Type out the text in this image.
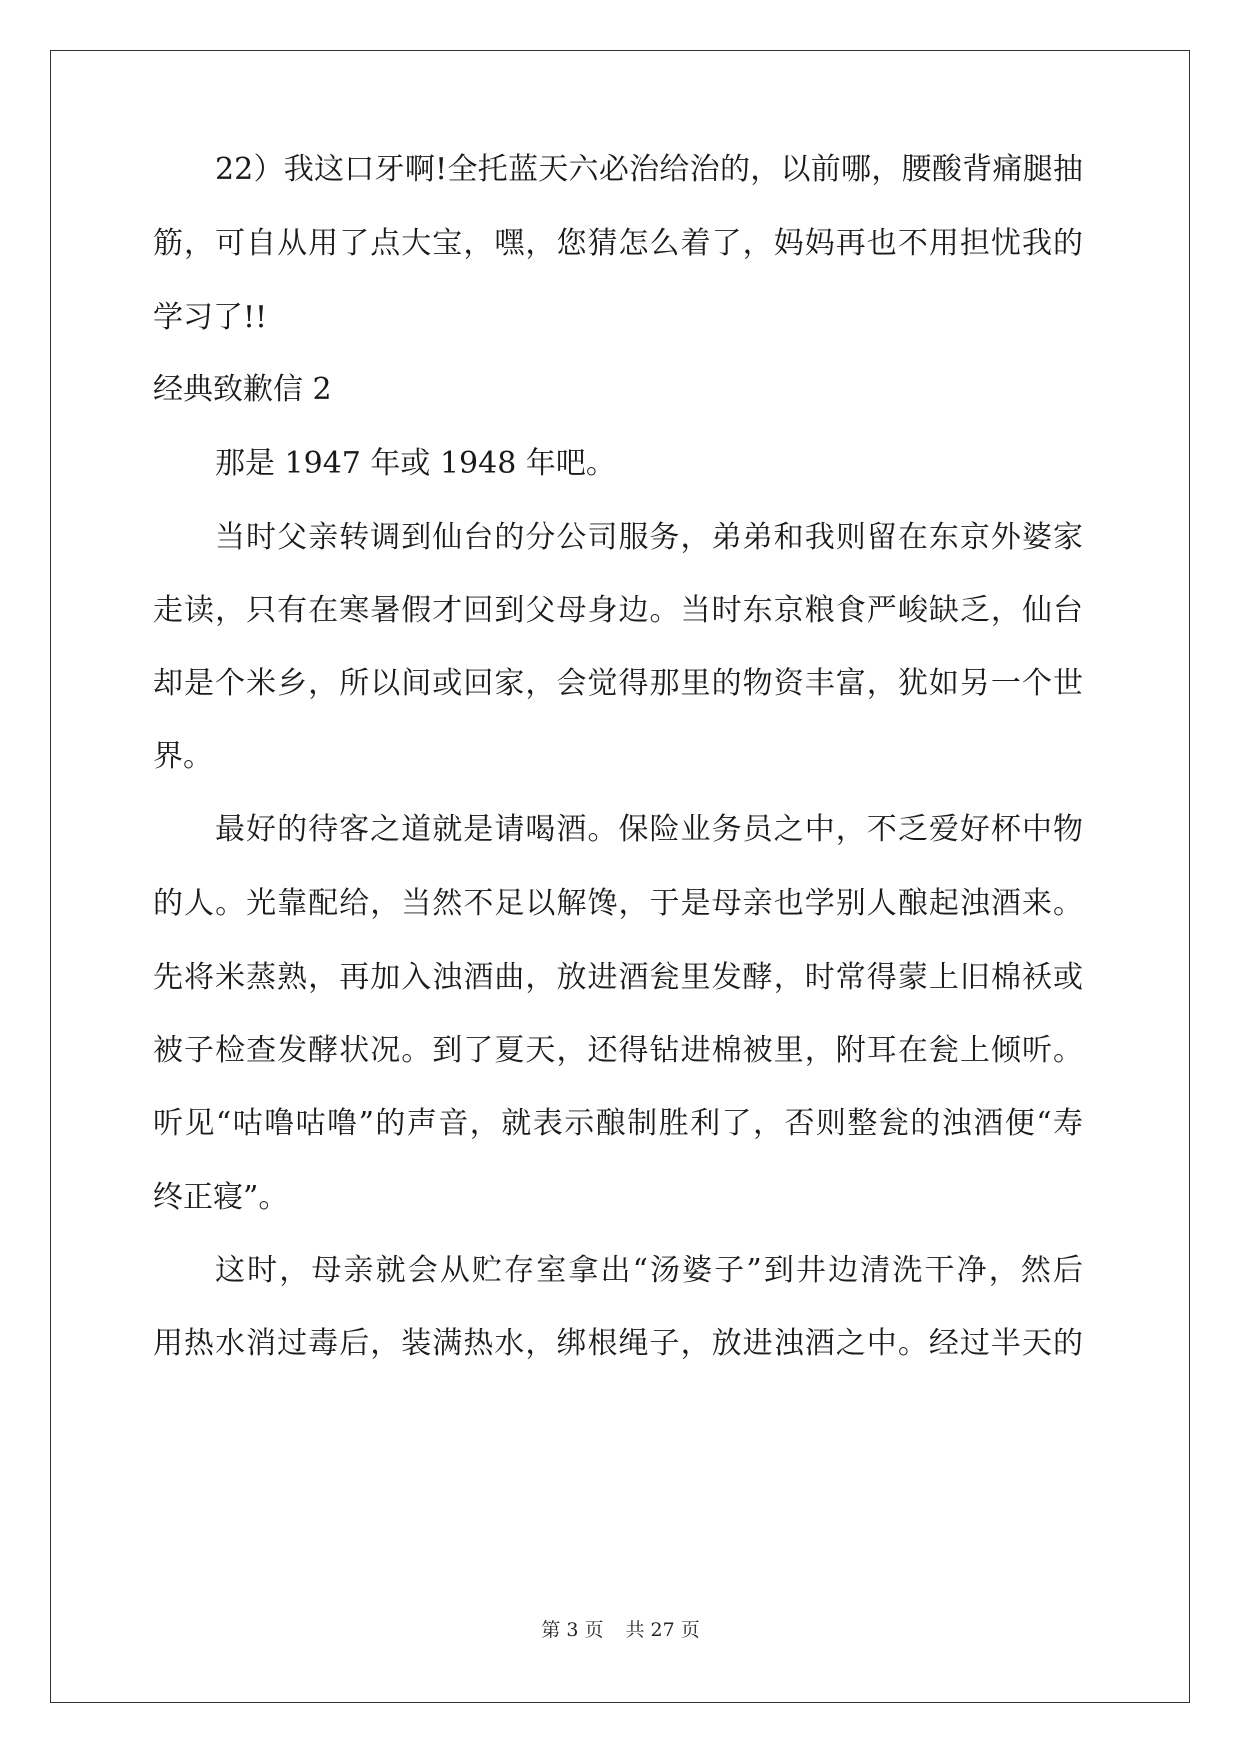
22）我这口牙啊!全托蓝天六必治给治的，以前哪，腰酸背痛腿抽
筋，可自从用了点大宝，嘿，您猜怎么着了，妈妈再也不用担忧我的
学习了!!
经典致歉信 2
那是 1947 年或 1948 年吧。
当时父亲转调到仙台的分公司服务，弟弟和我则留在东京外婆家
走读，只有在寒暑假才回到父母身边。当时东京粮食严峻缺乏，仙台
却是个米乡，所以间或回家，会觉得那里的物资丰富，犹如另一个世
界。
最好的待客之道就是请喝酒。保险业务员之中，不乏爱好杯中物
的人。光靠配给，当然不足以解馋，于是母亲也学别人酿起浊酒来。
先将米蒸熟，再加入浊酒曲，放进酒瓮里发酵，时常得蒙上旧棉袄或
被子检查发酵状况。到了夏天，还得钻进棉被里，附耳在瓮上倾听。
听见“咕噜咕噜”的声音，就表示酿制胜利了，否则整瓮的浊酒便“寿
终正寝”。
这时，母亲就会从贮存室拿出“汤婆子”到井边清洗干净，然后
用热水消过毒后，装满热水，绑根绳子，放进浊酒之中。经过半天的
第 3 页 共 27 页
